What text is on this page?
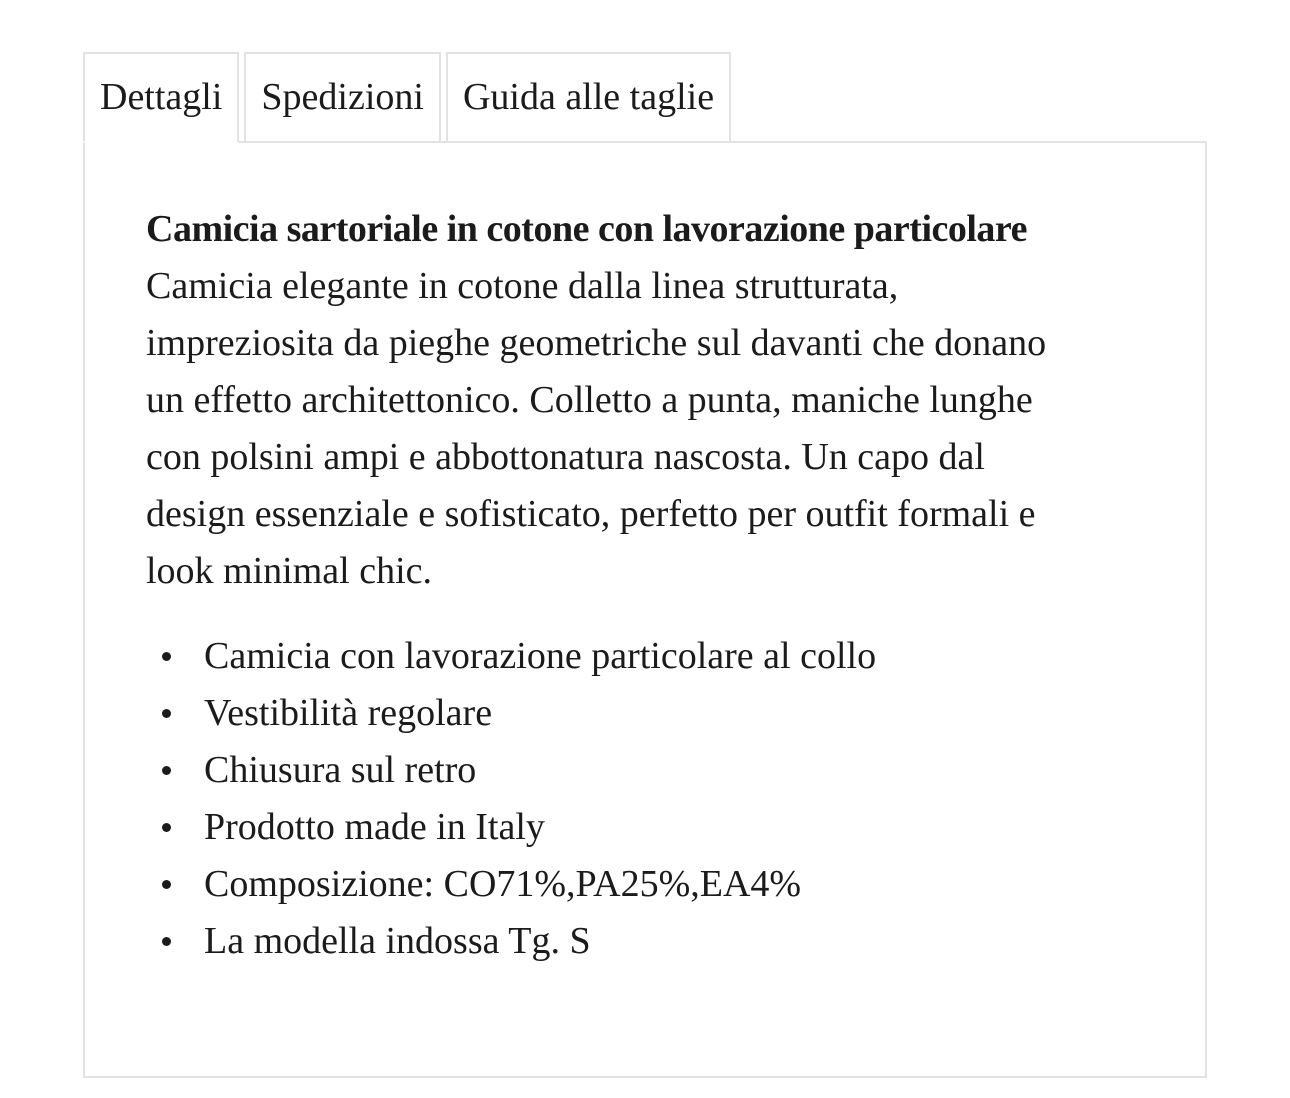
Dettagli	Spedizioni	Guida alle taglie
Camicia sartoriale in cotone con lavorazione particolare
Camicia elegante in cotone dalla linea strutturata,
impreziosita da pieghe geometriche sul davanti che donano
un effetto architettonico. Colletto a punta, maniche lunghe
con polsini ampi e abbottonatura nascosta. Un capo dal
design essenziale e sofisticato, perfetto per outfit formali e
look minimal chic.
Camicia con lavorazione particolare al collo
Vestibilità regolare
Chiusura sul retro
Prodotto made in Italy
Composizione: CO71%,PA25%,EA4%
La modella indossa Tg. S
